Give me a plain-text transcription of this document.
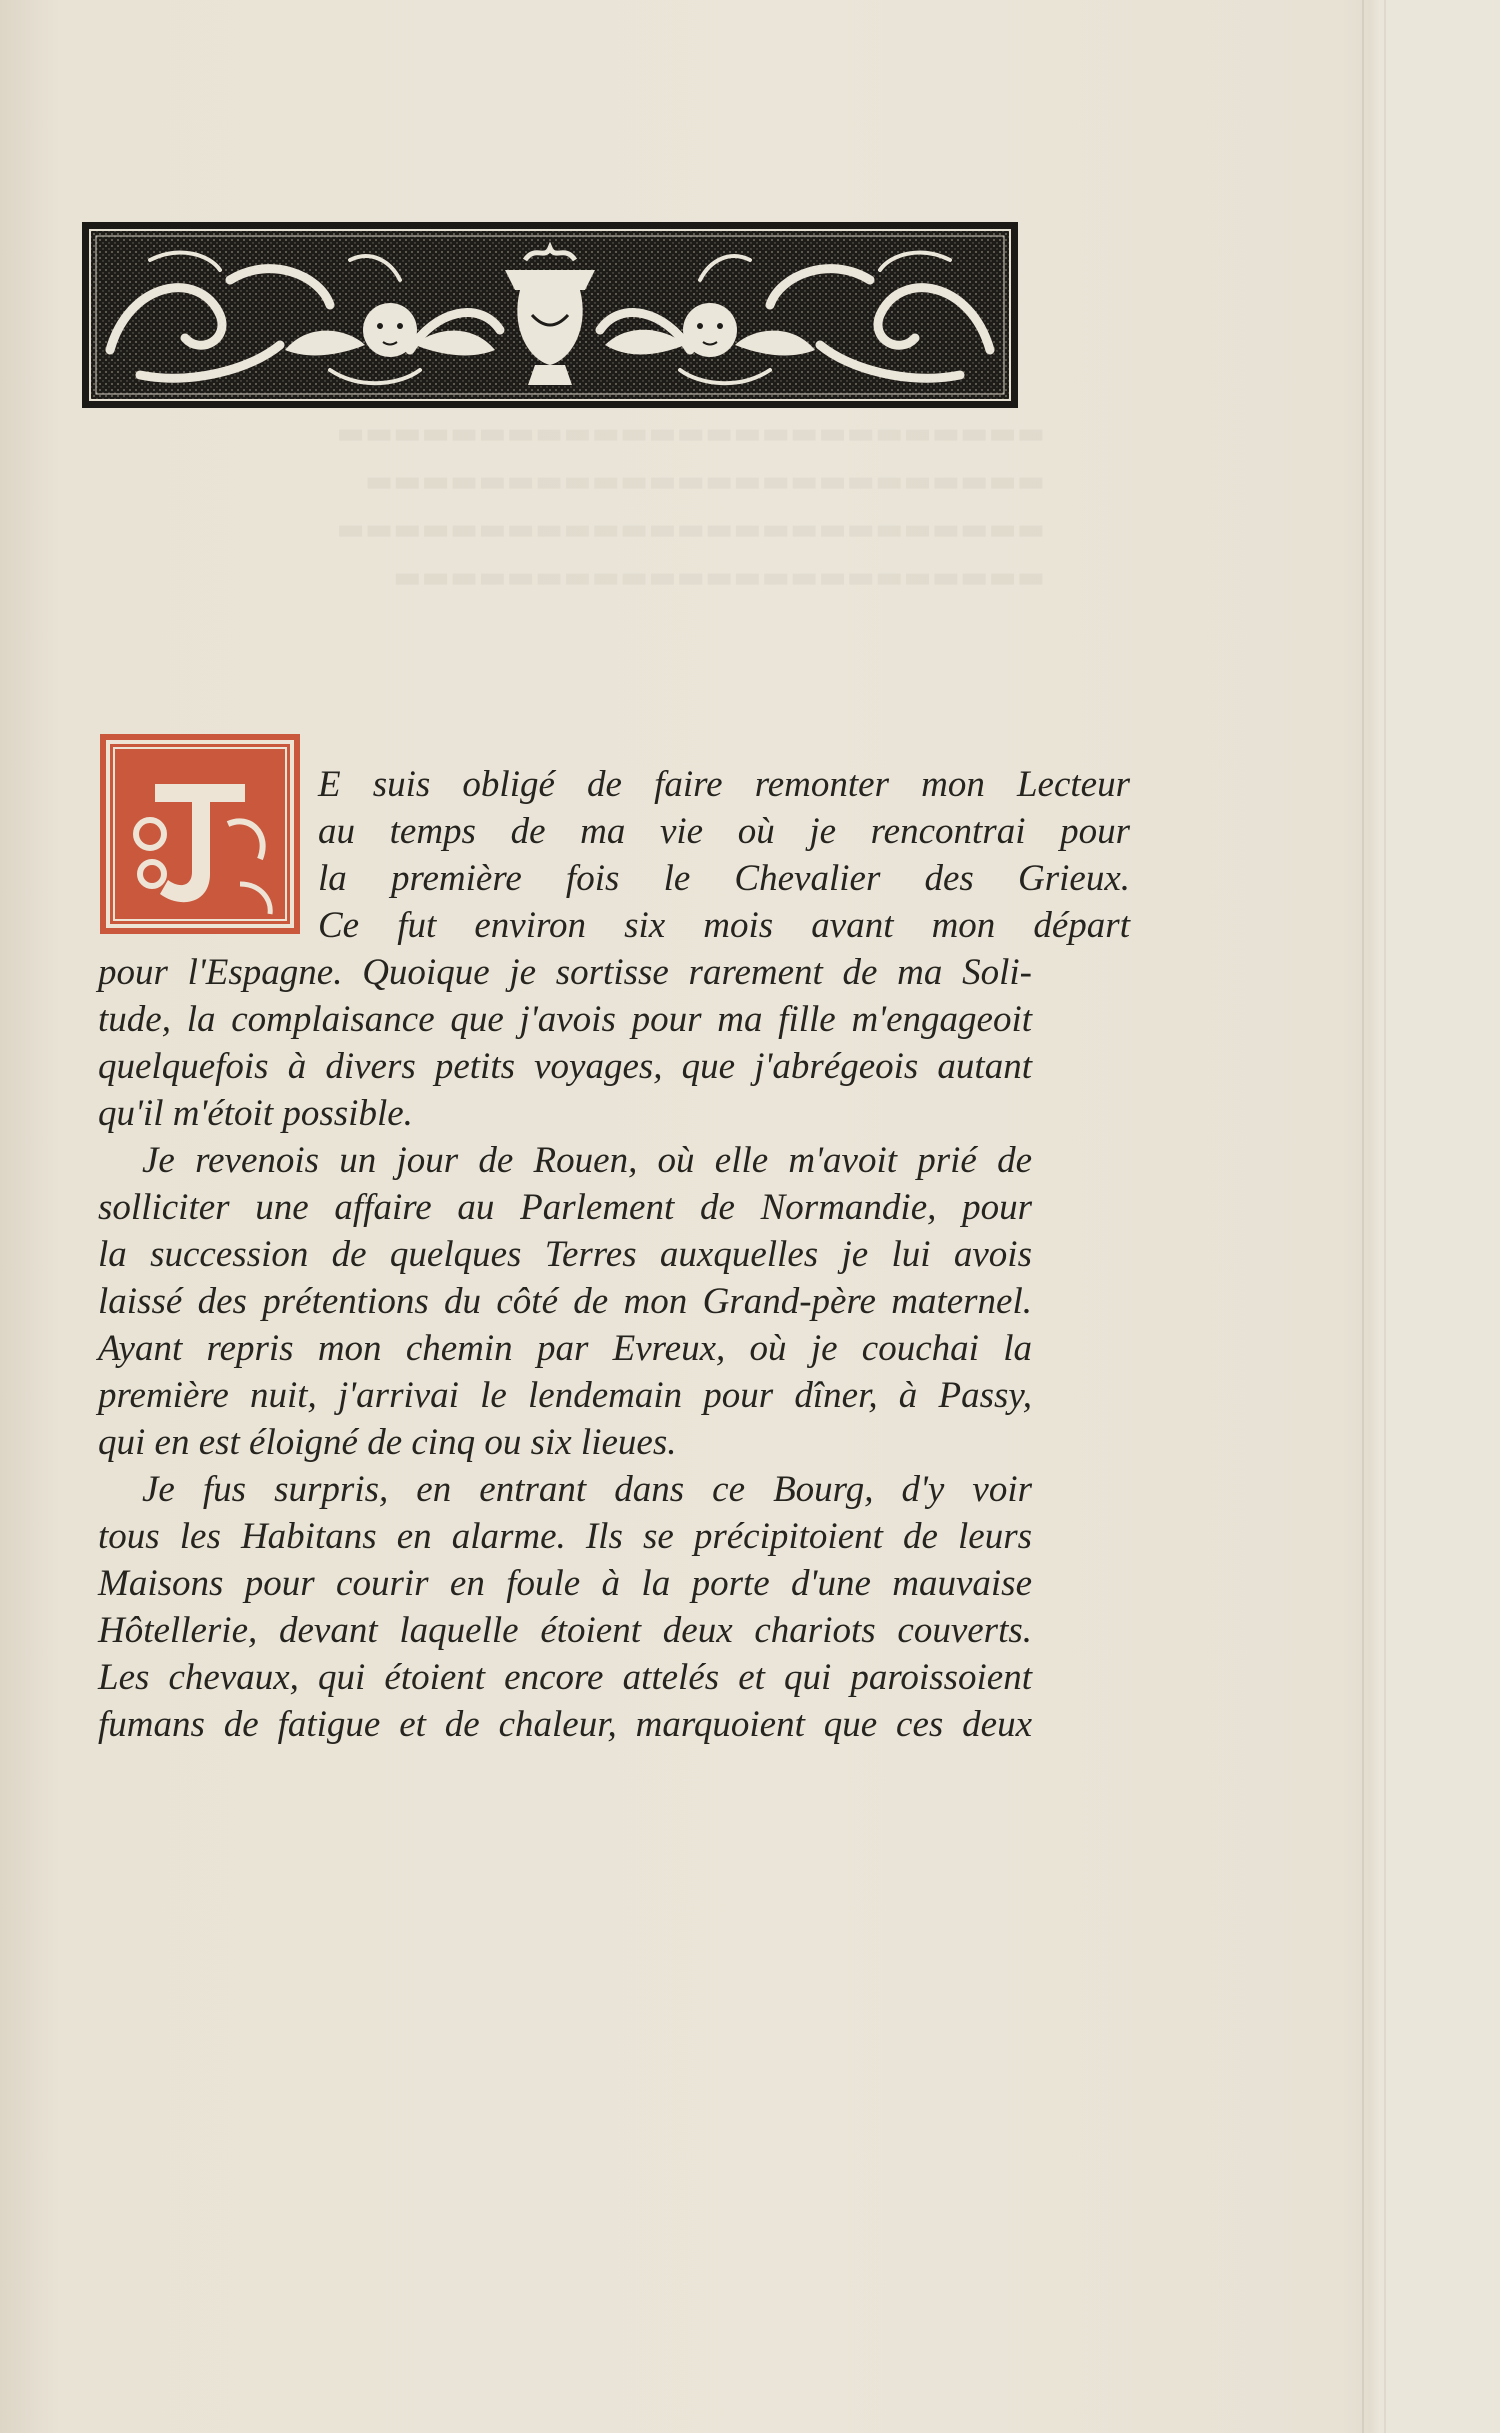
▬▬▬▬▬▬▬▬▬▬▬▬▬▬▬▬▬▬▬▬▬▬▬▬▬
▬▬▬▬▬▬▬▬▬▬▬▬▬▬▬▬▬▬▬▬▬▬▬▬
▬▬▬▬▬▬▬▬▬▬▬▬▬▬▬▬▬▬▬▬▬▬▬▬▬
▬▬▬▬▬▬▬▬▬▬▬▬▬▬▬▬▬▬▬▬▬▬▬
E suis obligé de faire remonter mon Lecteur
au temps de ma vie où je rencontrai pour
la première fois le Chevalier des Grieux.
Ce fut environ six mois avant mon départ
pour l'Espagne. Quoique je sortisse rarement de ma Soli-
tude, la complaisance que j'avois pour ma fille m'engageoit
quelquefois à divers petits voyages, que j'abrégeois autant
qu'il m'étoit possible.
Je revenois un jour de Rouen, où elle m'avoit prié de
solliciter une affaire au Parlement de Normandie, pour
la succession de quelques Terres auxquelles je lui avois
laissé des prétentions du côté de mon Grand-père maternel.
Ayant repris mon chemin par Evreux, où je couchai la
première nuit, j'arrivai le lendemain pour dîner, à Passy,
qui en est éloigné de cinq ou six lieues.
Je fus surpris, en entrant dans ce Bourg, d'y voir
tous les Habitans en alarme. Ils se précipitoient de leurs
Maisons pour courir en foule à la porte d'une mauvaise
Hôtellerie, devant laquelle étoient deux chariots couverts.
Les chevaux, qui étoient encore attelés et qui paroissoient
fumans de fatigue et de chaleur, marquoient que ces deux
